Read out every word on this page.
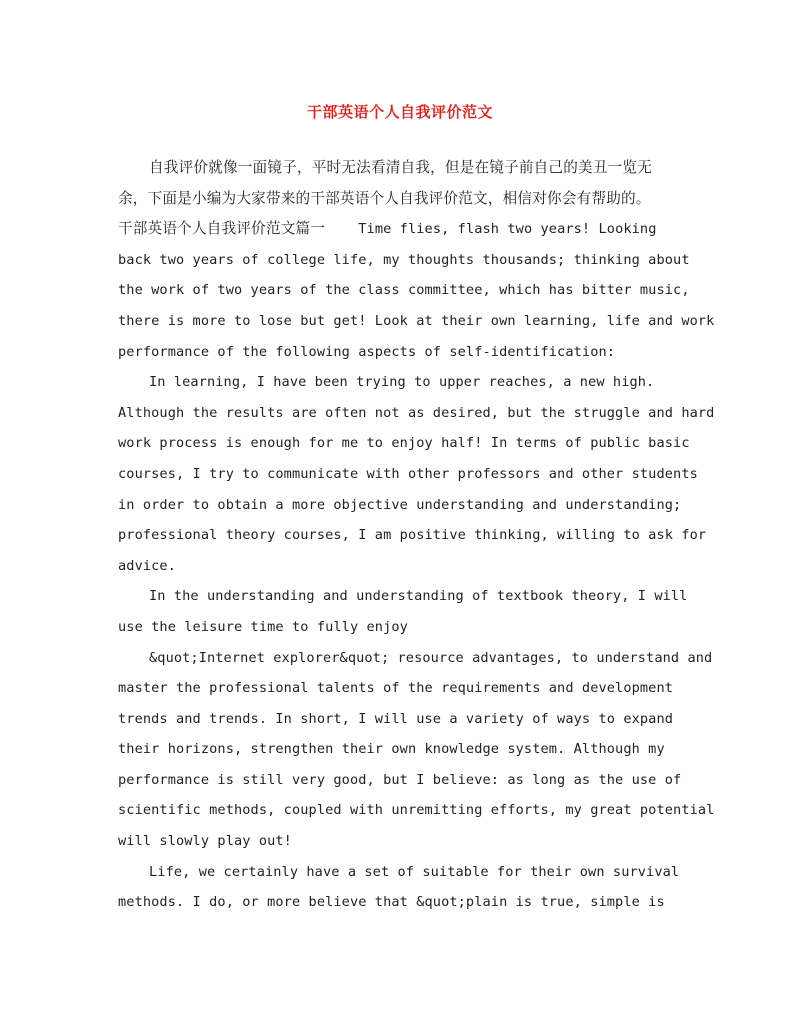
干部英语个人自我评价范文
自我评价就像一面镜子，平时无法看清自我，但是在镜子前自己的美丑一览无
余，下面是小编为大家带来的干部英语个人自我评价范文，相信对你会有帮助的。
干部英语个人自我评价范文篇一    Time flies, flash two years! Looking
back two years of college life, my thoughts thousands; thinking about
the work of two years of the class committee, which has bitter music,
there is more to lose but get! Look at their own learning, life and work
performance of the following aspects of self-identification:
In learning, I have been trying to upper reaches, a new high.
Although the results are often not as desired, but the struggle and hard
work process is enough for me to enjoy half! In terms of public basic
courses, I try to communicate with other professors and other students
in order to obtain a more objective understanding and understanding;
professional theory courses, I am positive thinking, willing to ask for
advice.
In the understanding and understanding of textbook theory, I will
use the leisure time to fully enjoy
&quot;Internet explorer&quot; resource advantages, to understand and
master the professional talents of the requirements and development
trends and trends. In short, I will use a variety of ways to expand
their horizons, strengthen their own knowledge system. Although my
performance is still very good, but I believe: as long as the use of
scientific methods, coupled with unremitting efforts, my great potential
will slowly play out!
Life, we certainly have a set of suitable for their own survival
methods. I do, or more believe that &quot;plain is true, simple is
